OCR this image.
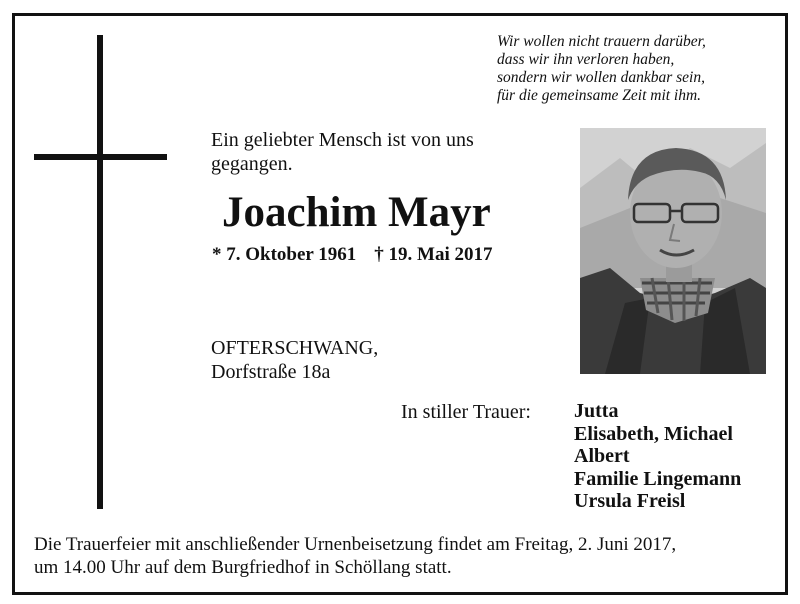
Wir wollen nicht trauern darüber,
dass wir ihn verloren haben,
sondern wir wollen dankbar sein,
für die gemeinsame Zeit mit ihm.
Ein geliebter Mensch ist von uns
gegangen.
Joachim Mayr
* 7. Oktober 1961 † 19. Mai 2017
OFTERSCHWANG,
Dorfstraße 18a
In stiller Trauer: Jutta
Elisabeth, Michael
Albert
Familie Lingemann
Ursula Freisl
Die Trauerfeier mit anschließender Urnenbeisetzung findet am Freitag, 2. Juni 2017,
um 14.00 Uhr auf dem Burgfriedhof in Schöllang statt.
